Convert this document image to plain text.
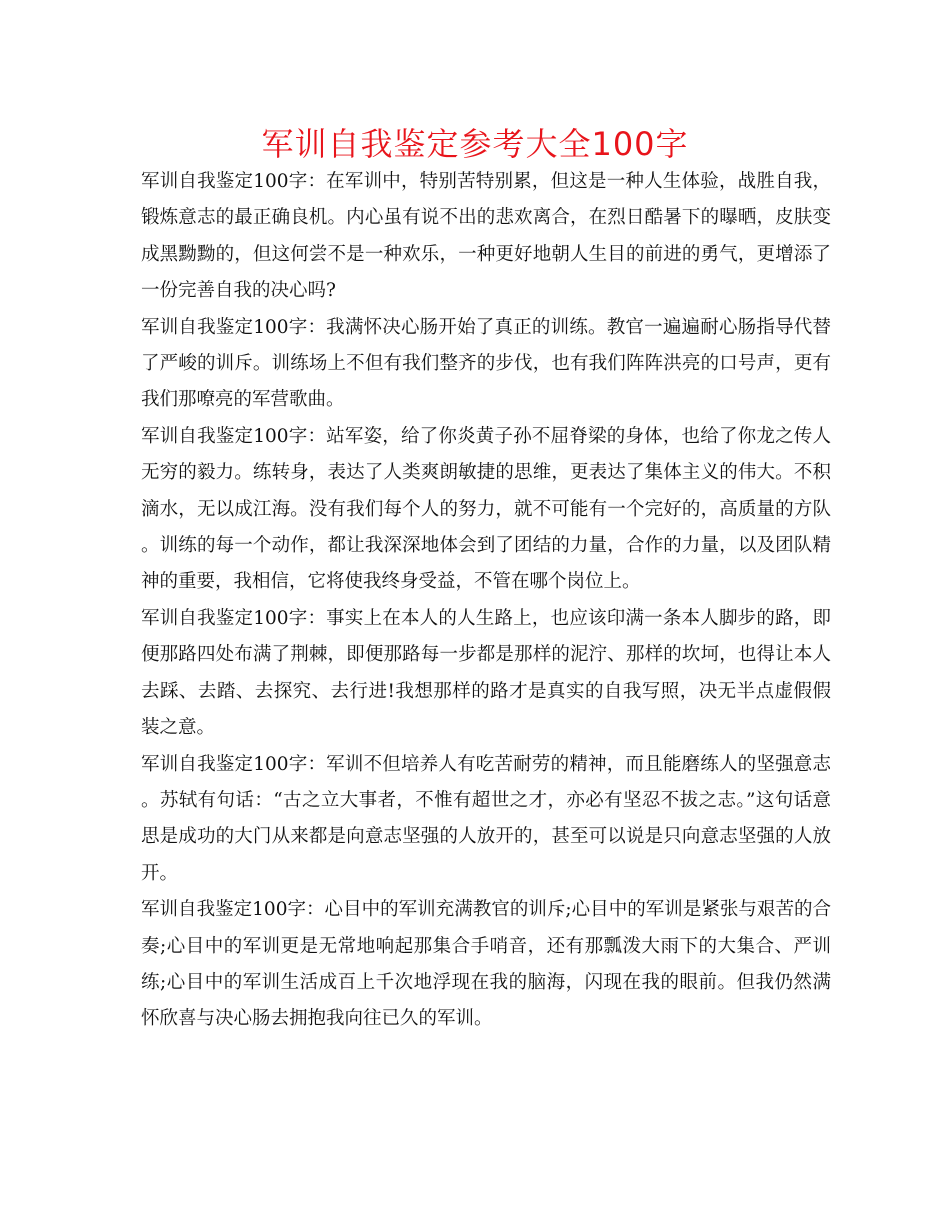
军训自我鉴定参考大全100字

军训自我鉴定100字：在军训中，特别苦特别累，但这是一种人生体验，战胜自我，锻炼意志的最正确良机。内心虽有说不出的悲欢离合，在烈日酷暑下的曝晒，皮肤变成黑黝黝的，但这何尝不是一种欢乐，一种更好地朝人生目的前进的勇气，更增添了一份完善自我的决心吗?

军训自我鉴定100字：我满怀决心肠开始了真正的训练。教官一遍遍耐心肠指导代替了严峻的训斥。训练场上不但有我们整齐的步伐，也有我们阵阵洪亮的口号声，更有我们那嘹亮的军营歌曲。

军训自我鉴定100字：站军姿，给了你炎黄子孙不屈脊梁的身体，也给了你龙之传人无穷的毅力。练转身，表达了人类爽朗敏捷的思维，更表达了集体主义的伟大。不积滴水，无以成江海。没有我们每个人的努力，就不可能有一个完好的，高质量的方队。训练的每一个动作，都让我深深地体会到了团结的力量，合作的力量，以及团队精神的重要，我相信，它将使我终身受益，不管在哪个岗位上。

军训自我鉴定100字：事实上在本人的人生路上，也应该印满一条本人脚步的路，即便那路四处布满了荆棘，即便那路每一步都是那样的泥泞、那样的坎坷，也得让本人去踩、去踏、去探究、去行进!我想那样的路才是真实的自我写照，决无半点虚假假装之意。

军训自我鉴定100字：军训不但培养人有吃苦耐劳的精神，而且能磨练人的坚强意志。苏轼有句话：“古之立大事者，不惟有超世之才，亦必有坚忍不拔之志。”这句话意思是成功的大门从来都是向意志坚强的人放开的，甚至可以说是只向意志坚强的人放开。

军训自我鉴定100字：心目中的军训充满教官的训斥;心目中的军训是紧张与艰苦的合奏;心目中的军训更是无常地响起那集合手哨音，还有那瓢泼大雨下的大集合、严训练;心目中的军训生活成百上千次地浮现在我的脑海，闪现在我的眼前。但我仍然满怀欣喜与决心肠去拥抱我向往已久的军训。
